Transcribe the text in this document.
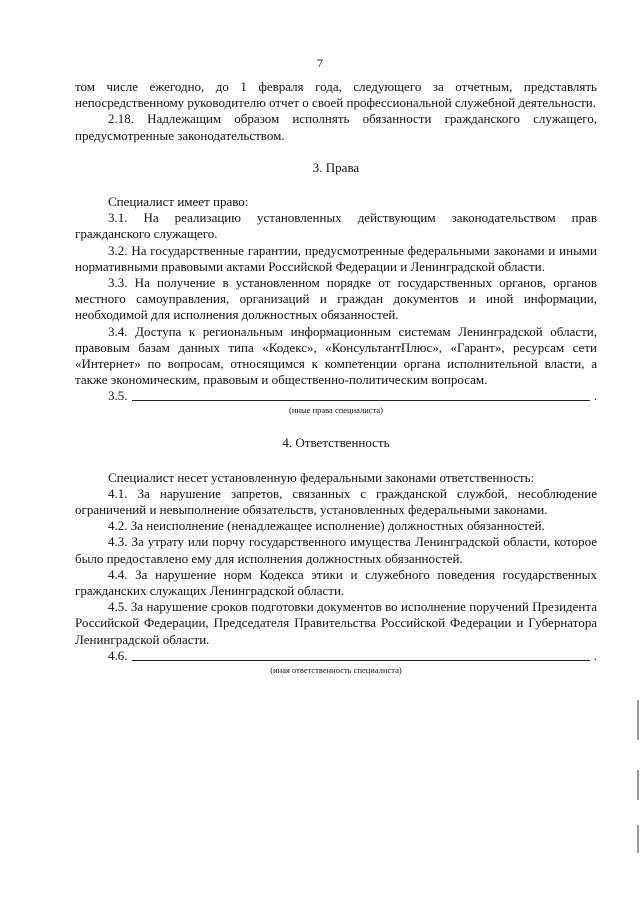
7

том числе ежегодно, до 1 февраля года, следующего за отчетным, представлять непосредственному руководителю отчет о своей профессиональной служебной деятельности.

2.18. Надлежащим образом исполнять обязанности гражданского служащего, предусмотренные законодательством.

3. Права

Специалист имеет право:

3.1. На реализацию установленных действующим законодательством прав гражданского служащего.

3.2. На государственные гарантии, предусмотренные федеральными законами и иными нормативными правовыми актами Российской Федерации и Ленинградской области.

3.3. На получение в установленном порядке от государственных органов, органов местного самоуправления, организаций и граждан документов и иной информации, необходимой для исполнения должностных обязанностей.

3.4. Доступа к региональным информационным системам Ленинградской области, правовым базам данных типа «Кодекс», «КонсультантПлюс», «Гарант», ресурсам сети «Интернет» по вопросам, относящимся к компетенции органа исполнительной власти, а также экономическим, правовым и общественно-политическим вопросам.

3.5.	.
(иные права специалиста)

4. Ответственность

Специалист несет установленную федеральными законами ответственность:

4.1. За нарушение запретов, связанных с гражданской службой, несоблюдение ограничений и невыполнение обязательств, установленных федеральными законами.

4.2. За неисполнение (ненадлежащее исполнение) должностных обязанностей.

4.3. За утрату или порчу государственного имущества Ленинградской области, которое было предоставлено ему для исполнения должностных обязанностей.

4.4. За нарушение норм Кодекса этики и служебного поведения государственных гражданских служащих Ленинградской области.

4.5. За нарушение сроков подготовки документов во исполнение поручений Президента Российской Федерации, Председателя Правительства Российской Федерации и Губернатора Ленинградской области.

4.6.	.
(иная ответственность специалиста)
